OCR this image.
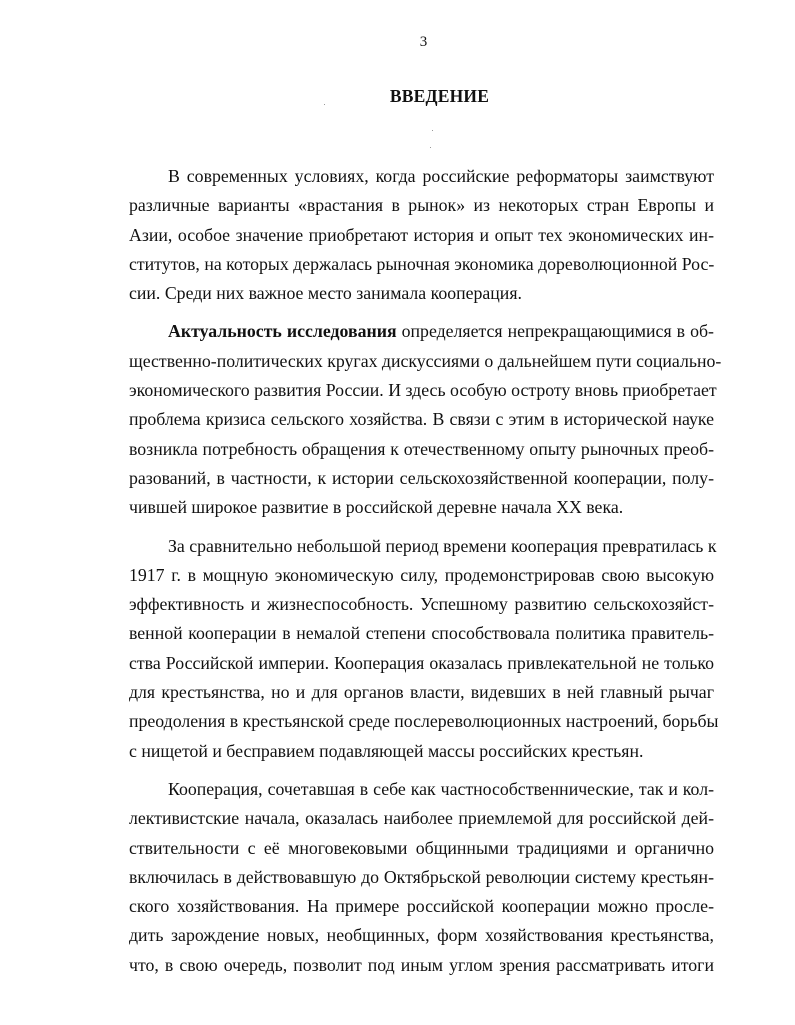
3
ВВЕДЕНИЕ

В современных условиях, когда российские реформаторы заимствуют
различные варианты «врастания в рынок» из некоторых стран Европы и
Азии, особое значение приобретают история и опыт тех экономических ин-
ститутов, на которых держалась рыночная экономика дореволюционной Рос-
сии. Среди них важное место занимала кооперация.

Актуальность исследования определяется непрекращающимися в об-
щественно-политических кругах дискуссиями о дальнейшем пути социально-
экономического развития России. И здесь особую остроту вновь приобретает
проблема кризиса сельского хозяйства. В связи с этим в исторической науке
возникла потребность обращения к отечественному опыту рыночных преоб-
разований, в частности, к истории сельскохозяйственной кооперации, полу-
чившей широкое развитие в российской деревне начала XX века.

За сравнительно небольшой период времени кооперация превратилась к
1917 г. в мощную экономическую силу, продемонстрировав свою высокую
эффективность и жизнеспособность. Успешному развитию сельскохозяйст-
венной кооперации в немалой степени способствовала политика правитель-
ства Российской империи. Кооперация оказалась привлекательной не только
для крестьянства, но и для органов власти, видевших в ней главный рычаг
преодоления в крестьянской среде послереволюционных настроений, борьбы
с нищетой и бесправием подавляющей массы российских крестьян.

Кооперация, сочетавшая в себе как частнособственнические, так и кол-
лективистские начала, оказалась наиболее приемлемой для российской дей-
ствительности с её многовековыми общинными традициями и органично
включилась в действовавшую до Октябрьской революции систему крестьян-
ского хозяйствования. На примере российской кооперации можно просле-
дить зарождение новых, необщинных, форм хозяйствования крестьянства,
что, в свою очередь, позволит под иным углом зрения рассматривать итоги
